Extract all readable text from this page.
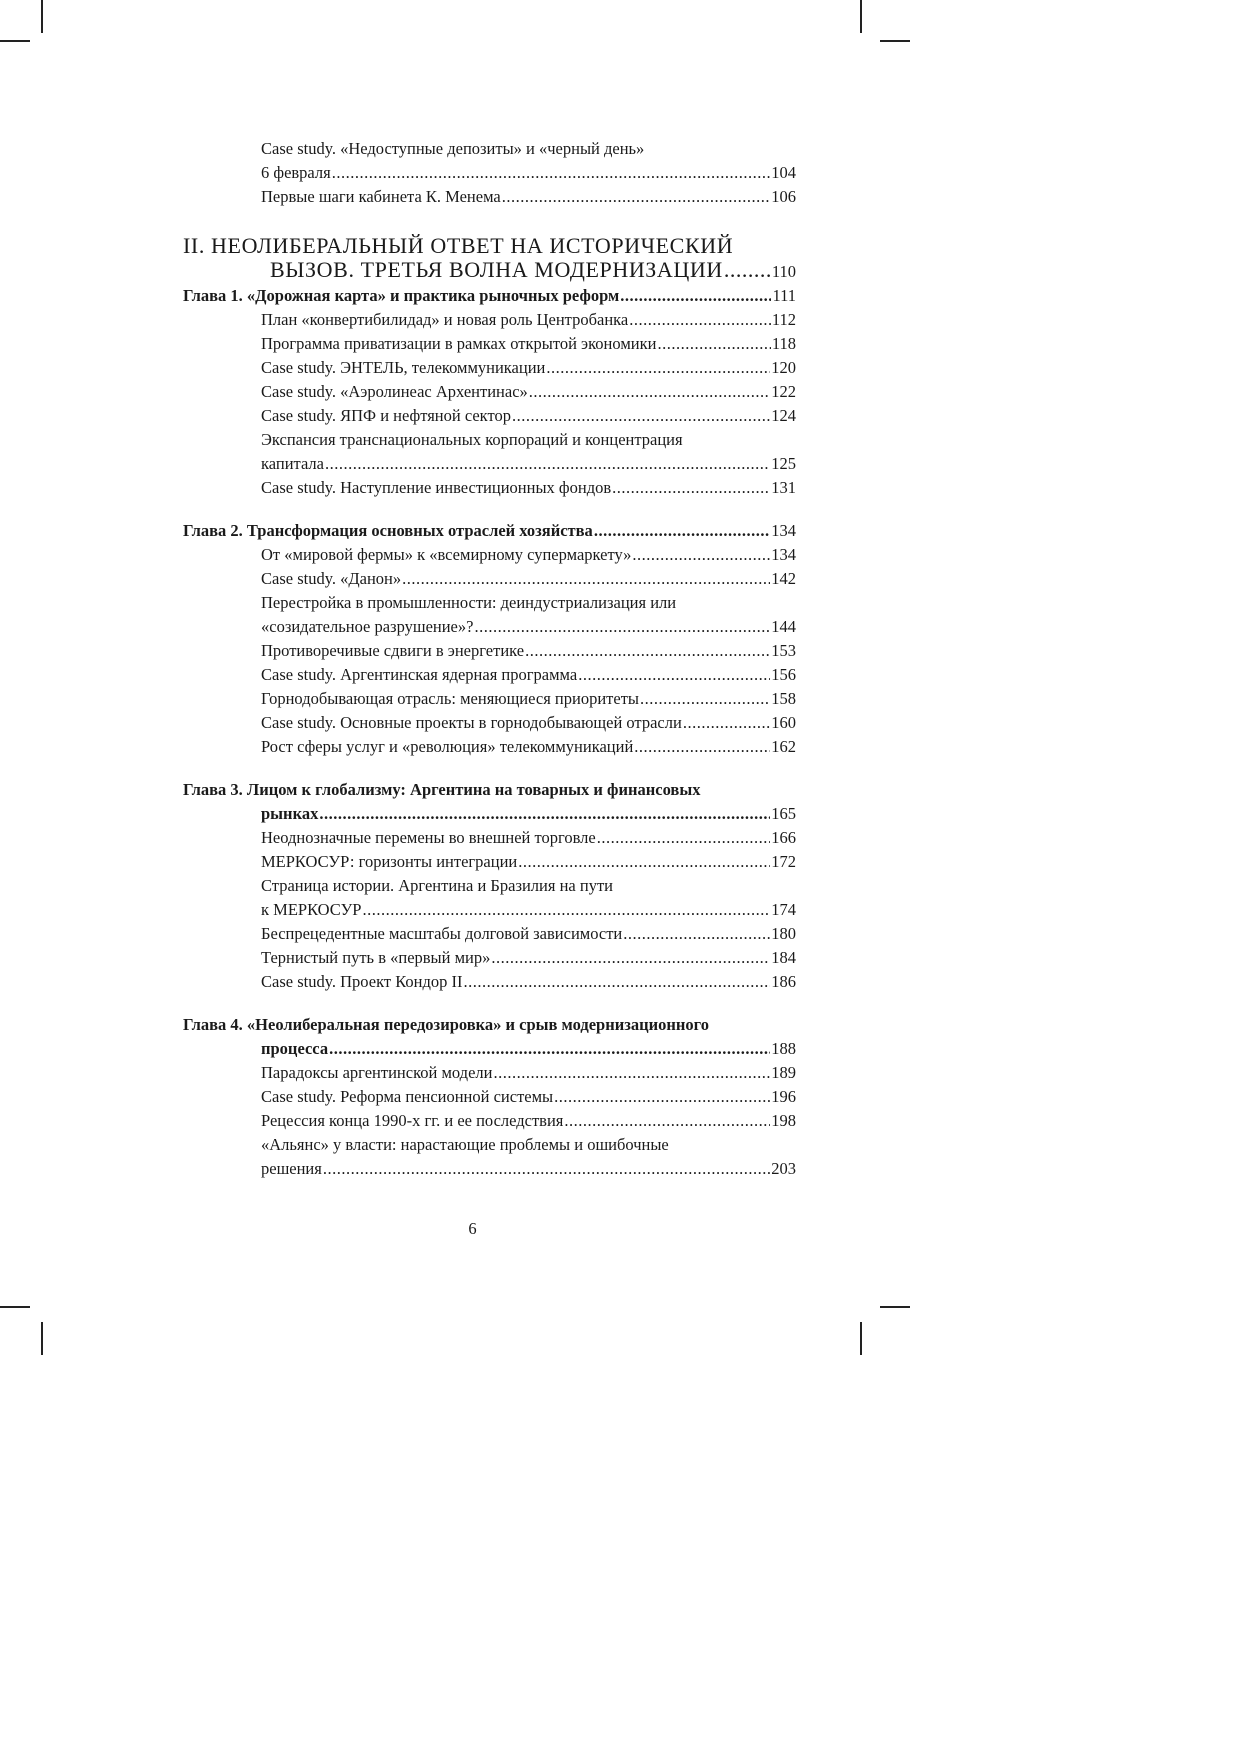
Case study. «Недоступные депозиты» и «черный день»
6 февраля .....	104
Первые шаги кабинета К. Менема .....	106
II. НЕОЛИБЕРАЛЬНЫЙ ОТВЕТ НА ИСТОРИЧЕСКИЙ
ВЫЗОВ. ТРЕТЬЯ ВОЛНА МОДЕРНИЗАЦИИ .....	110
Глава 1. «Дорожная карта» и практика рыночных реформ .....	111
План «конвертибилидад» и новая роль Центробанка .....	112
Программа приватизации в рамках открытой экономики .....	118
Case study. ЭНТЕЛЬ, телекоммуникации .....	120
Case study. «Аэролинеас Архентинас» .....	122
Case study. ЯПФ и нефтяной сектор .....	124
Экспансия транснациональных корпораций и концентрация
капитала .....	125
Case study. Наступление инвестиционных фондов .....	131
Глава 2. Трансформация основных отраслей хозяйства .....	134
От «мировой фермы» к «всемирному супермаркету» .....	134
Case study. «Данон» .....	142
Перестройка в промышленности: деиндустриализация или
«созидательное разрушение»? .....	144
Противоречивые сдвиги в энергетике .....	153
Case study. Аргентинская ядерная программа .....	156
Горнодобывающая отрасль: меняющиеся приоритеты .....	158
Case study. Основные проекты в горнодобывающей отрасли .....	160
Рост сферы услуг и «революция» телекоммуникаций .....	162
Глава 3. Лицом к глобализму: Аргентина на товарных и финансовых
рынках .....	165
Неоднозначные перемены во внешней торговле .....	166
МЕРКОСУР: горизонты интеграции .....	172
Страница истории. Аргентина и Бразилия на пути
к МЕРКОСУР .....	174
Беспрецедентные масштабы долговой зависимости .....	180
Тернистый путь в «первый мир» .....	184
Case study. Проект Кондор II .....	186
Глава 4. «Неолиберальная передозировка» и срыв модернизационного
процесса .....	188
Парадоксы аргентинской модели .....	189
Case study. Реформа пенсионной системы .....	196
Рецессия конца 1990-х гг. и ее последствия .....	198
«Альянс» у власти: нарастающие проблемы и ошибочные
решения .....	203
6
